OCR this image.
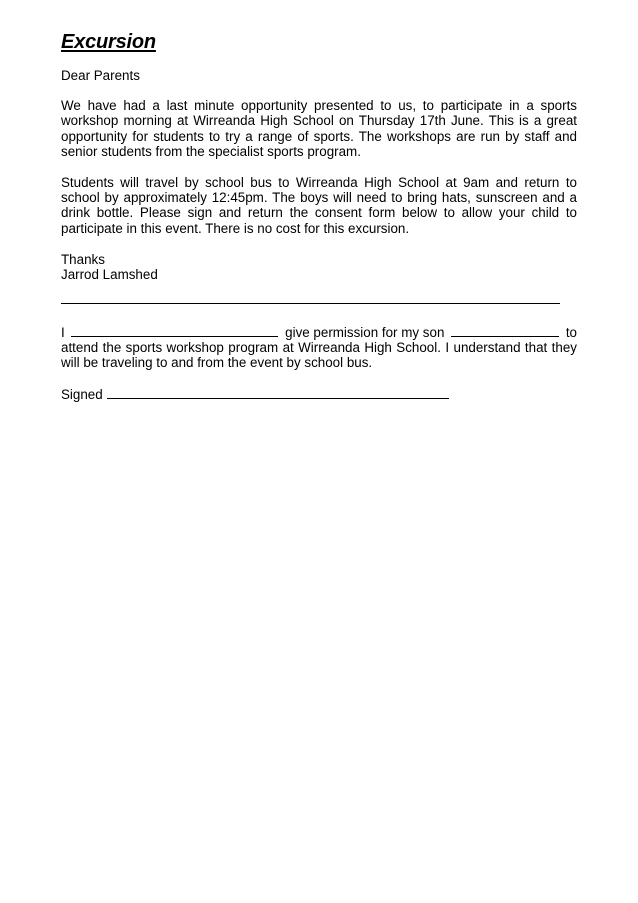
Excursion

Dear Parents

We have had a last minute opportunity presented to us, to participate in a sports workshop morning at Wirreanda High School on Thursday 17th June. This is a great opportunity for students to try a range of sports. The workshops are run by staff and senior students from the specialist sports program.

Students will travel by school bus to Wirreanda High School at 9am and return to school by approximately 12:45pm. The boys will need to bring hats, sunscreen and a drink bottle. Please sign and return the consent form below to allow your child to participate in this event. There is no cost for this excursion.

Thanks

Jarrod Lamshed

I	give permission for my son	to

attend the sports workshop program at Wirreanda High School. I understand that they will be traveling to and from the event by school bus.

Signed
